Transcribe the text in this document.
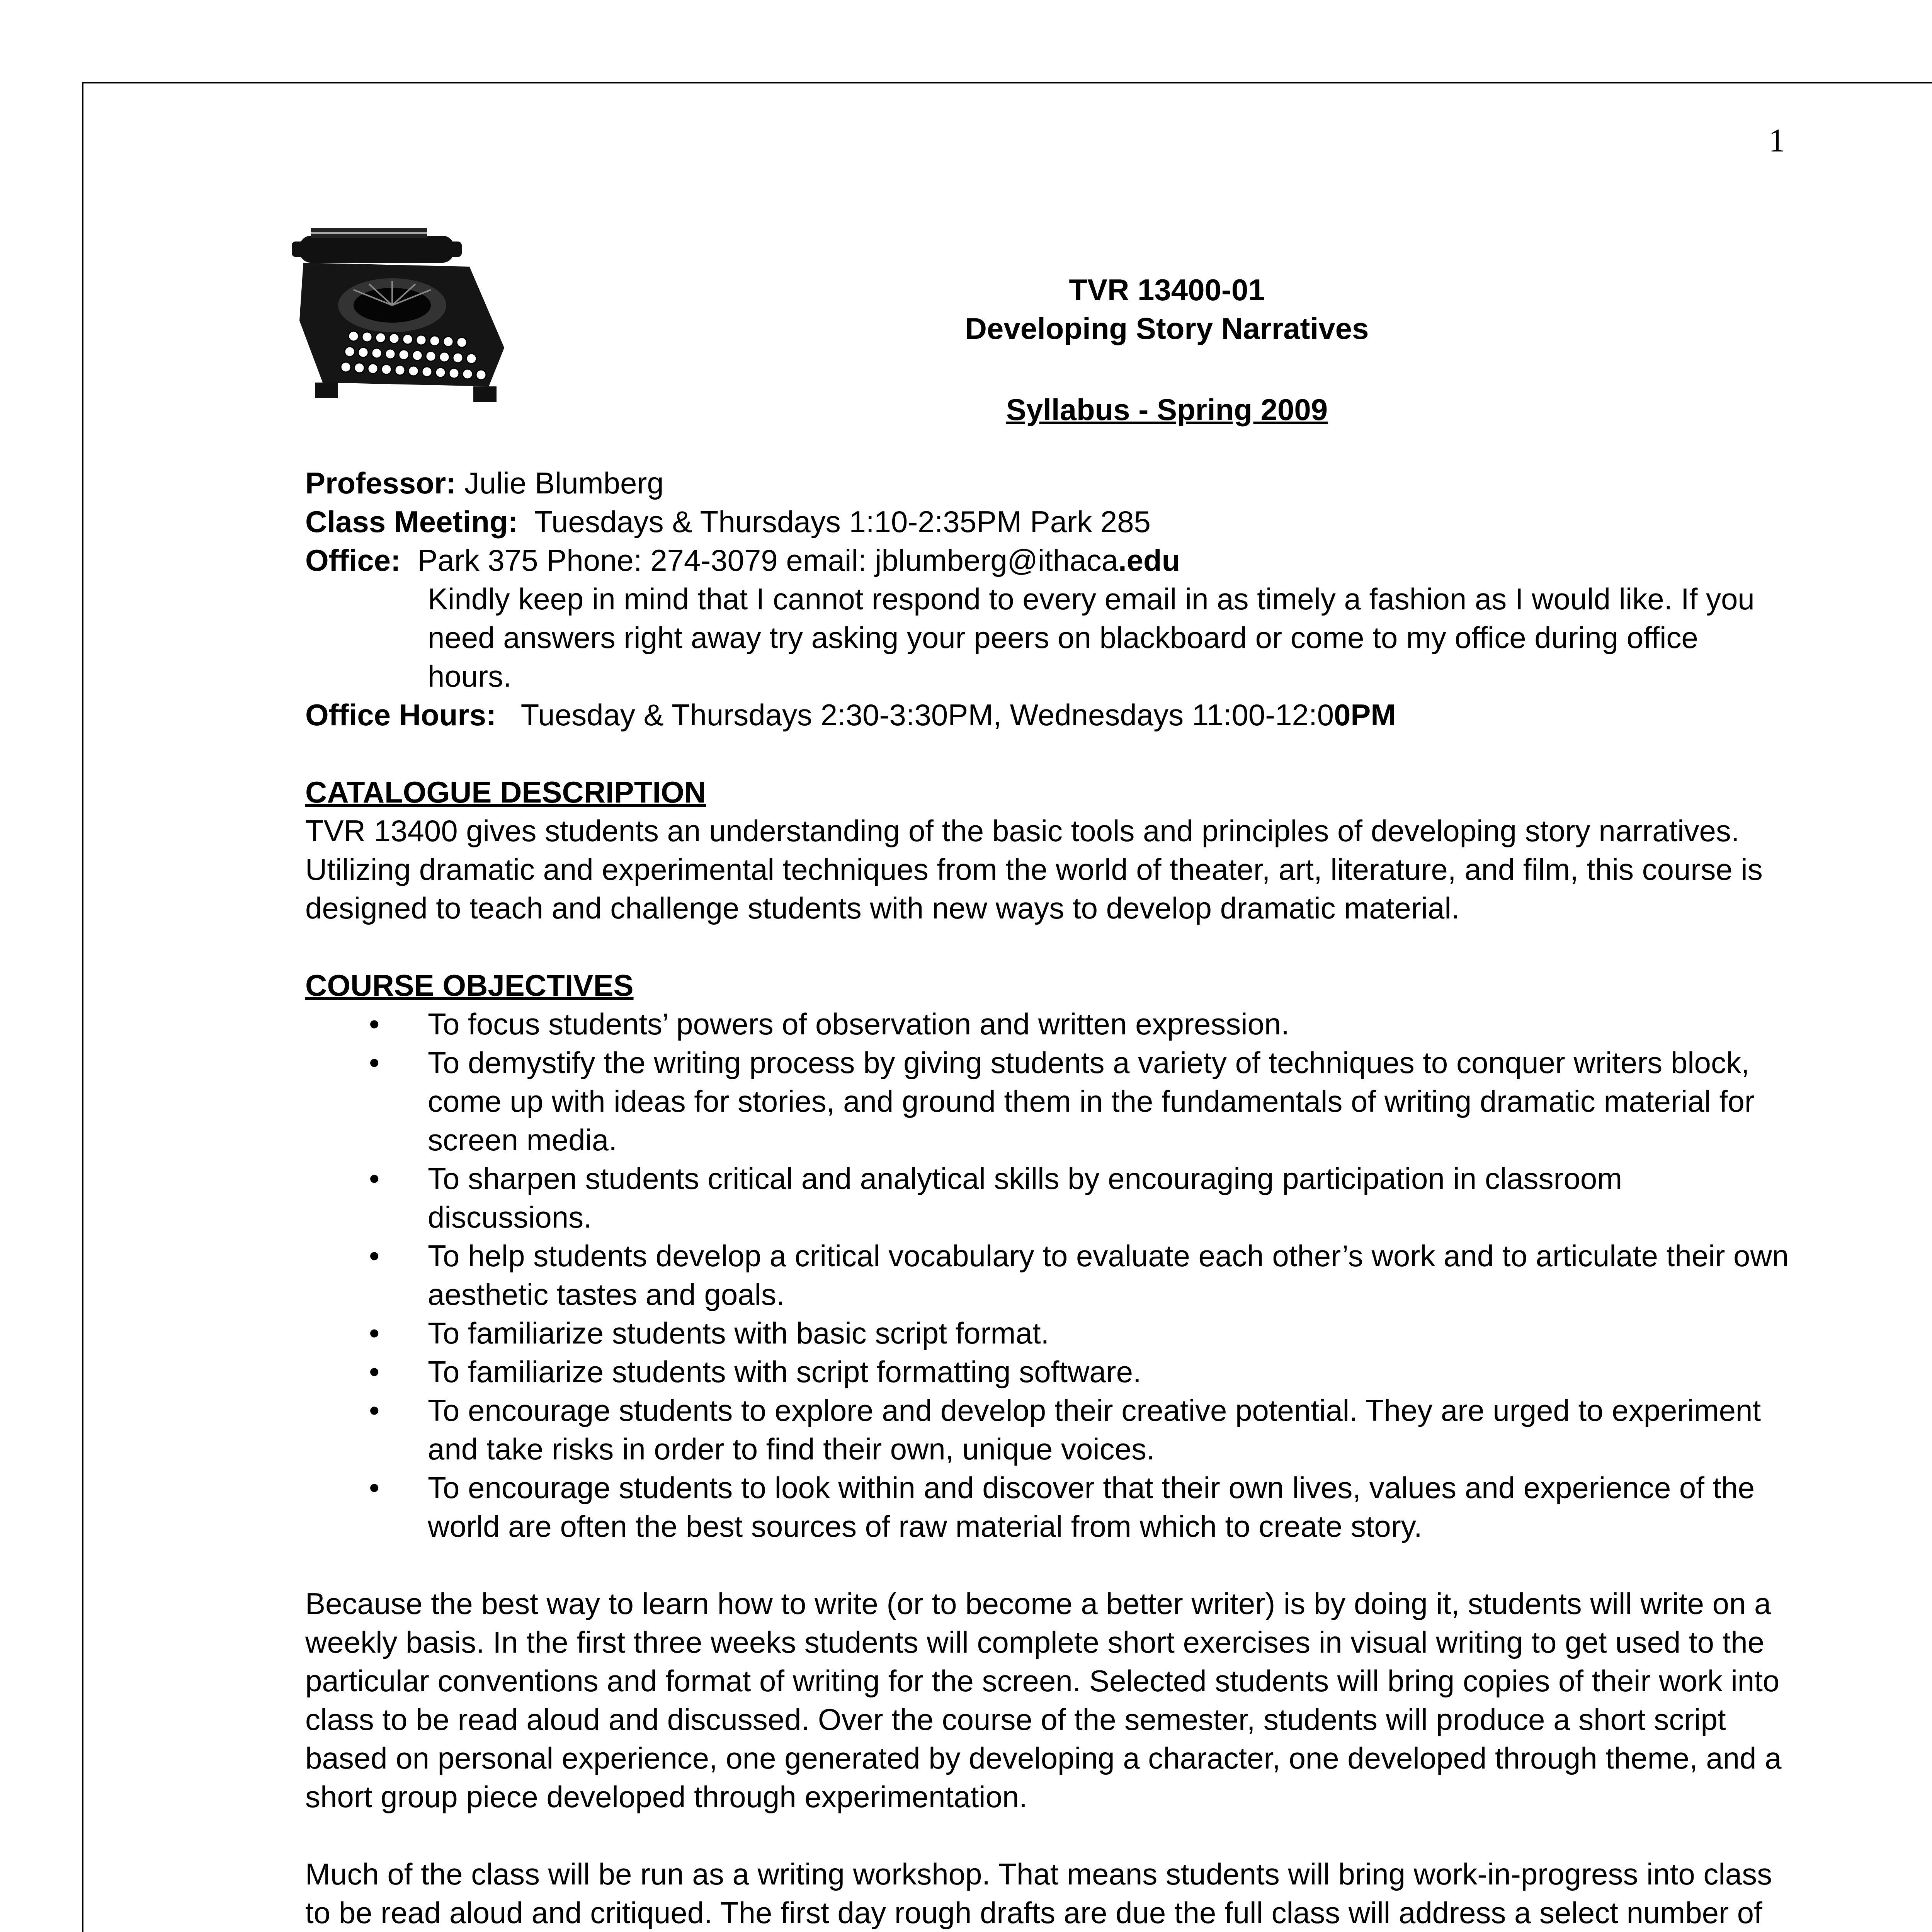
1
TVR 13400-01
Developing Story Narratives
Syllabus - Spring 2009
Professor: Julie Blumberg
Class Meeting: Tuesdays & Thursdays 1:10-2:35PM Park 285
Office: Park 375 Phone: 274-3079 email: jblumberg@ithaca .edu

Kindly keep in mind that I cannot respond to every email in as timely a fashion as I would like. If you need answers right away try asking your peers on blackboard or come to my office during office hours.

Office Hours: Tuesday & Thursdays 2:30-3:30PM, Wednesdays 11:00-12:0 0PM
CATALOGUE DESCRIPTION

TVR 13400 gives students an understanding of the basic tools and principles of developing story narratives. Utilizing dramatic and experimental techniques from the world of theater, art, literature, and film, this course is designed to teach and challenge students with new ways to develop dramatic material.

COURSE OBJECTIVES
• To focus students’ powers of observation and written expression.
• To demystify the writing process by giving students a variety of techniques to conquer writers block, come up with ideas for stories, and ground them in the fundamentals of writing dramatic material for screen media.
• To sharpen students critical and analytical skills by encouraging participation in classroom discussions.
• To help students develop a critical vocabulary to evaluate each other’s work and to articulate their own aesthetic tastes and goals.
• To familiarize students with basic script format.
• To familiarize students with script formatting software.
• To encourage students to explore and develop their creative potential. They are urged to experiment and take risks in order to find their own, unique voices.
• To encourage students to look within and discover that their own lives, values and experience of the world are often the best sources of raw material from which to create story.

Because the best way to learn how to write (or to become a better writer) is by doing it, students will write on a weekly basis. In the first three weeks students will complete short exercises in visual writing to get used to the particular conventions and format of writing for the screen. Selected students will bring copies of their work into class to be read aloud and discussed. Over the course of the semester, students will produce a short script based on personal experience, one generated by developing a character, one developed through theme, and a short group piece developed through experimentation.

Much of the class will be run as a writing workshop. That means students will bring work-in-progress into class to be read aloud and critiqued. The first day rough drafts are due the full class will address a select number of
